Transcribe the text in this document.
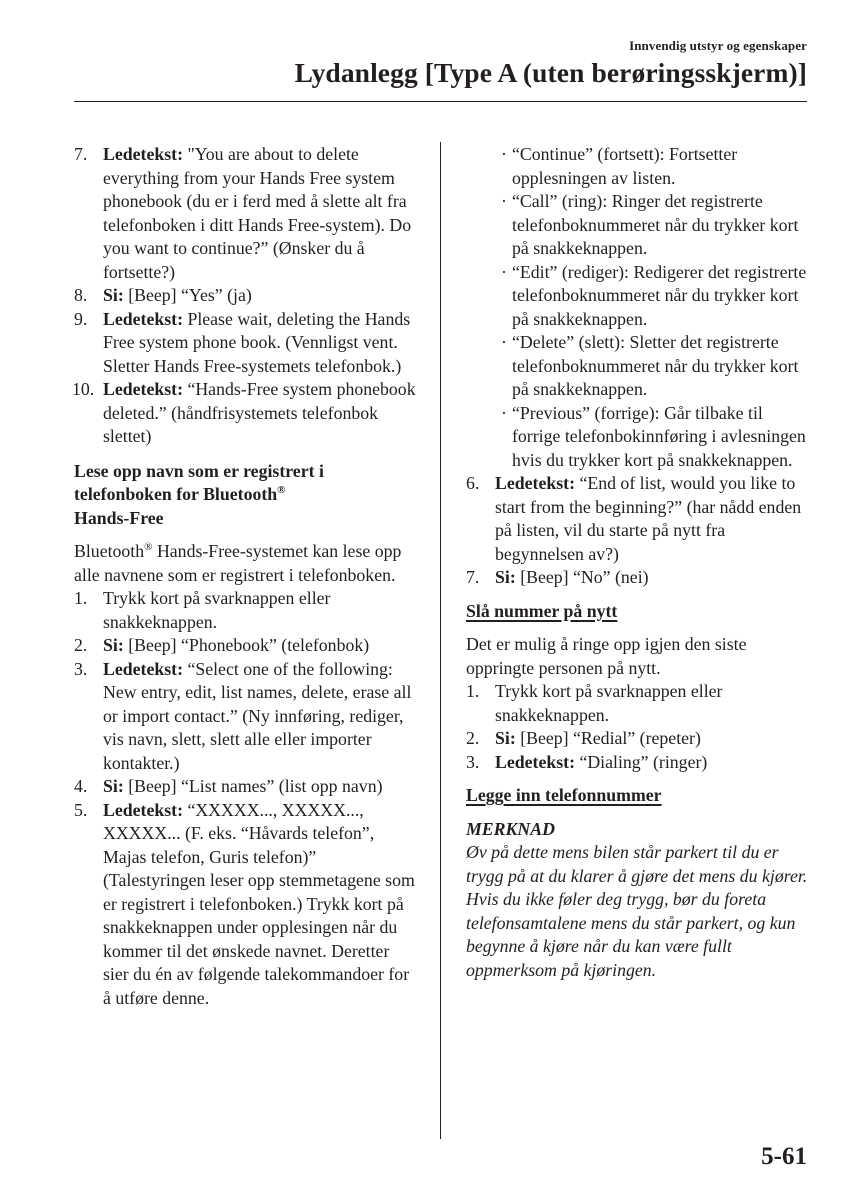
Innvendig utstyr og egenskaper
Lydanlegg [Type A (uten berøringsskjerm)]
7. Ledetekst: "You are about to delete everything from your Hands Free system phonebook (du er i ferd med å slette alt fra telefonboken i ditt Hands Free-system). Do you want to continue?” (Ønsker du å fortsette?)
8. Si: [Beep] “Yes” (ja)
9. Ledetekst: Please wait, deleting the Hands Free system phone book. (Vennligst vent. Sletter Hands Free-systemets telefonbok.)
10. Ledetekst: “Hands-Free system phonebook deleted.” (håndfrisystemets telefonbok slettet)

Lese opp navn som er registrert i
telefonboken for Bluetooth®
Hands-Free

Bluetooth® Hands-Free-systemet kan lese opp alle navnene som er registrert i telefonboken.

1. Trykk kort på svarknappen eller snakkeknappen.
2. Si: [Beep] “Phonebook” (telefonbok)
3. Ledetekst: “Select one of the following: New entry, edit, list names, delete, erase all or import contact.” (Ny innføring, rediger, vis navn, slett, slett alle eller importer kontakter.)
4. Si: [Beep] “List names” (list opp navn)
5. Ledetekst: “XXXXX..., XXXXX..., XXXXX... (F. eks. “Håvards telefon”, Majas telefon, Guris telefon)” (Talestyringen leser opp stemmetagene som er registrert i telefonboken.) Trykk kort på snakkeknappen under opplesingen når du kommer til det ønskede navnet. Deretter sier du én av følgende talekommandoer for å utføre denne.
· “Continue” (fortsett): Fortsetter opplesningen av listen.
· “Call” (ring): Ringer det registrerte telefonboknummeret når du trykker kort på snakkeknappen.
· “Edit” (rediger): Redigerer det registrerte telefonboknummeret når du trykker kort på snakkeknappen.
· “Delete” (slett): Sletter det registrerte telefonboknummeret når du trykker kort på snakkeknappen.
· “Previous” (forrige): Går tilbake til forrige telefonbokinnføring i avlesningen hvis du trykker kort på snakkeknappen.
6. Ledetekst: “End of list, would you like to start from the beginning?” (har nådd enden på listen, vil du starte på nytt fra begynnelsen av?)
7. Si: [Beep] “No” (nei)

Slå nummer på nytt

Det er mulig å ringe opp igjen den siste oppringte personen på nytt.

1. Trykk kort på svarknappen eller snakkeknappen.
2. Si: [Beep] “Redial” (repeter)
3. Ledetekst: “Dialing” (ringer)

Legge inn telefonnummer

MERKNAD

Øv på dette mens bilen står parkert til du er trygg på at du klarer å gjøre det mens du kjører. Hvis du ikke føler deg trygg, bør du foreta telefonsamtalene mens du står parkert, og kun begynne å kjøre når du kan være fullt oppmerksom på kjøringen.

5-61
